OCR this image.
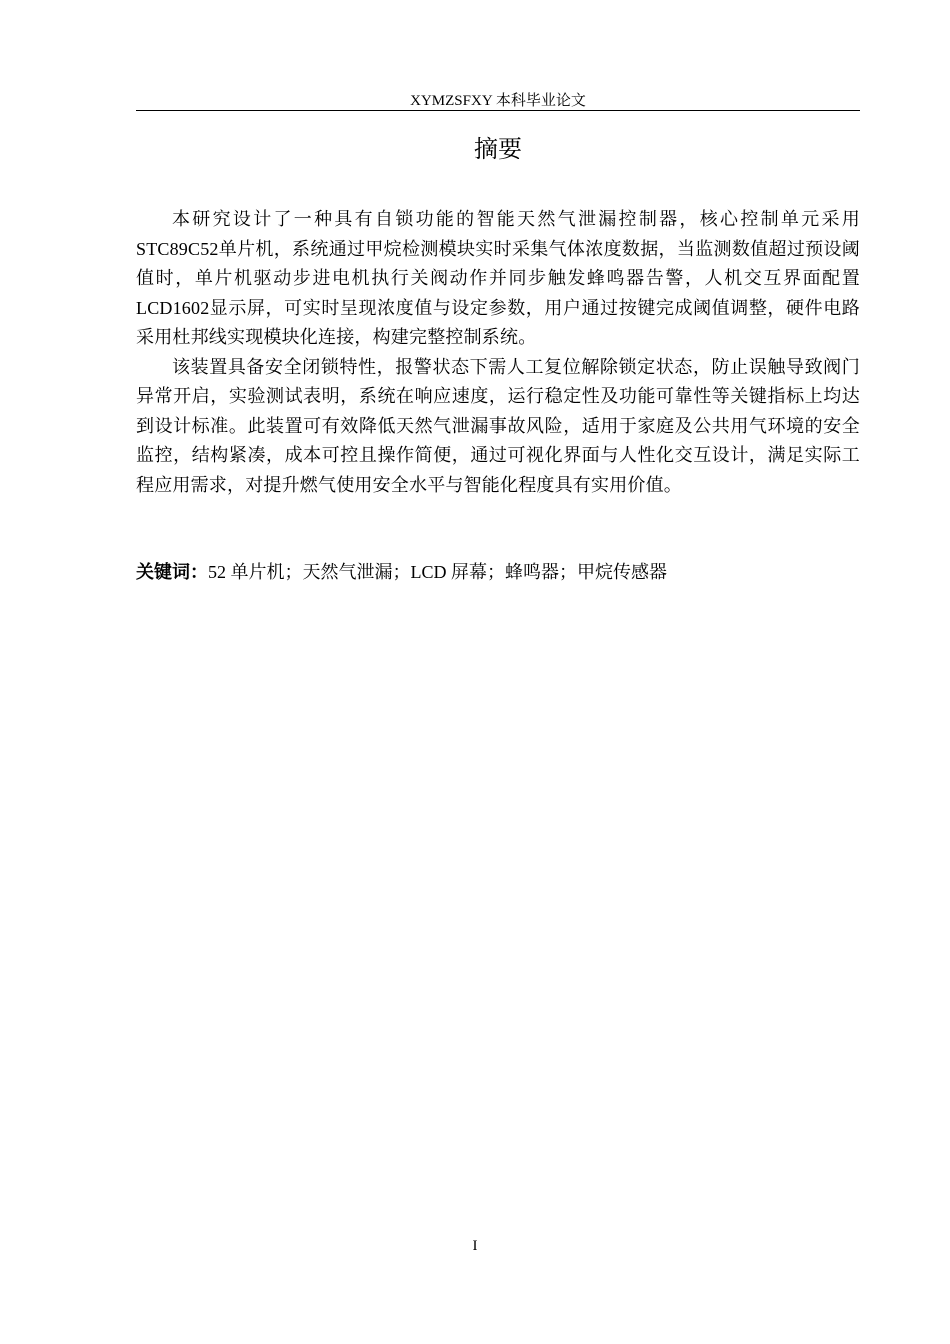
XYMZSFXY 本科毕业论文
摘要

本研究设计了一种具有自锁功能的智能天然气泄漏控制器，核心控制单元采用STC89C52单片机，系统通过甲烷检测模块实时采集气体浓度数据，当监测数值超过预设阈值时，单片机驱动步进电机执行关阀动作并同步触发蜂鸣器告警，人机交互界面配置LCD1602显示屏，可实时呈现浓度值与设定参数，用户通过按键完成阈值调整，硬件电路采用杜邦线实现模块化连接，构建完整控制系统。

该装置具备安全闭锁特性，报警状态下需人工复位解除锁定状态，防止误触导致阀门异常开启，实验测试表明，系统在响应速度，运行稳定性及功能可靠性等关键指标上均达到设计标准。此装置可有效降低天然气泄漏事故风险，适用于家庭及公共用气环境的安全监控，结构紧凑，成本可控且操作简便，通过可视化界面与人性化交互设计，满足实际工程应用需求，对提升燃气使用安全水平与智能化程度具有实用价值。

关键词：52 单片机；天然气泄漏；LCD 屏幕；蜂鸣器；甲烷传感器
I
